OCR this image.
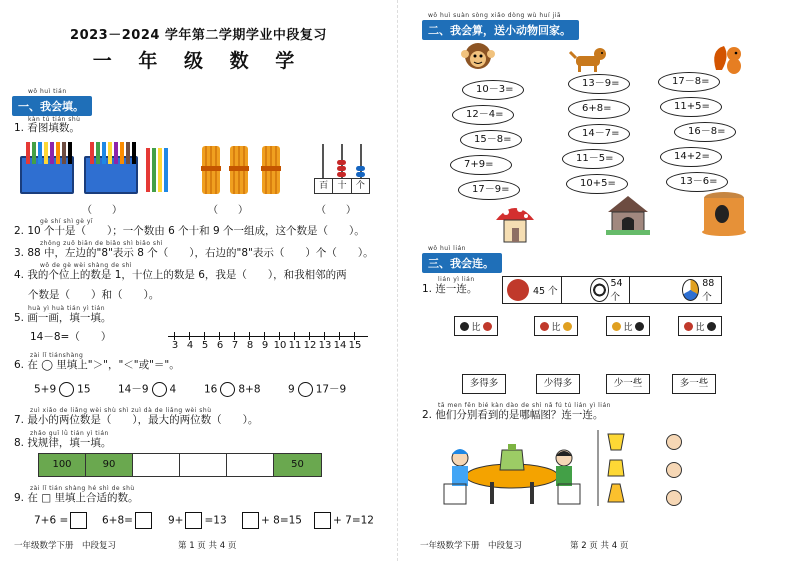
2023－2024 学年第二学期学业中段复习
一 年 级 数 学
wǒ huì tián
一、我会填。
kàn tú tián shù
1. 看图填数。
百	十	个
（　　）	（　　）	（　　）
gè shí shì gè yī
2. 10 个十是（　　）；一个数由 6 个十和 9 个一组成，这个数是（　　）。
zhōng zuǒ biān de biǎo shì biǎo shì
3. 88 中，左边的"8"表示 8 个（　　），右边的"8"表示（　　）个（　　）。
wǒ de gè wèi shàng de shì
4. 我的个位上的数是 1，十位上的数是 6，我是（　　），和我相邻的两
个数是（　　）和（　　）。
huà yì huà tián yì tián
5. 画一画，填一填。
14－8=（　　）
3 4 5 6 7 8 9 10 11 12 13 14 15
zài lǐ tiánshàng
6. 在 ◯ 里填上"＞"，"＜"或"＝"。
5+9 15	14－9 4	16 8+8	9 17－9
zuì xiǎo de liǎng wèi shù shì zuì dà de liǎng wèi shù
7. 最小的两位数是（　　），最大的两位数（　　）。
zhǎo guī lǜ tián yì tián
8. 找规律，填一填。
100	90	50
zài lǐ tián shàng hé shì de shù
9. 在 □ 里填上合适的数。
7+6 =	6+8=	9+ =13	+ 8=15	+ 7=12
一年级数学下册　中段复习	第 1 页 共 4 页
wǒ huì suàn sòng xiǎo dòng wù huí jiā
二、我会算，送小动物回家。
10－3=
12－4=
15－8=
7+9=
17－9=
13－9=
6+8=
14－7=
11－5=
10+5=
17－8=
11+5=
16－8=
14+2=
13－6=
wǒ huì lián
三、我会连。
lián yì lián
1. 连一连。	45 个
54 个
88 个
比	比	比	比
多得多	少得多	少一些	多一些
tā men fēn bié kàn dào de shì nǎ fú tú lián yì lián
2. 他们分别看到的是哪幅图？连一连。
一年级数学下册　中段复习	第 2 页 共 4 页
